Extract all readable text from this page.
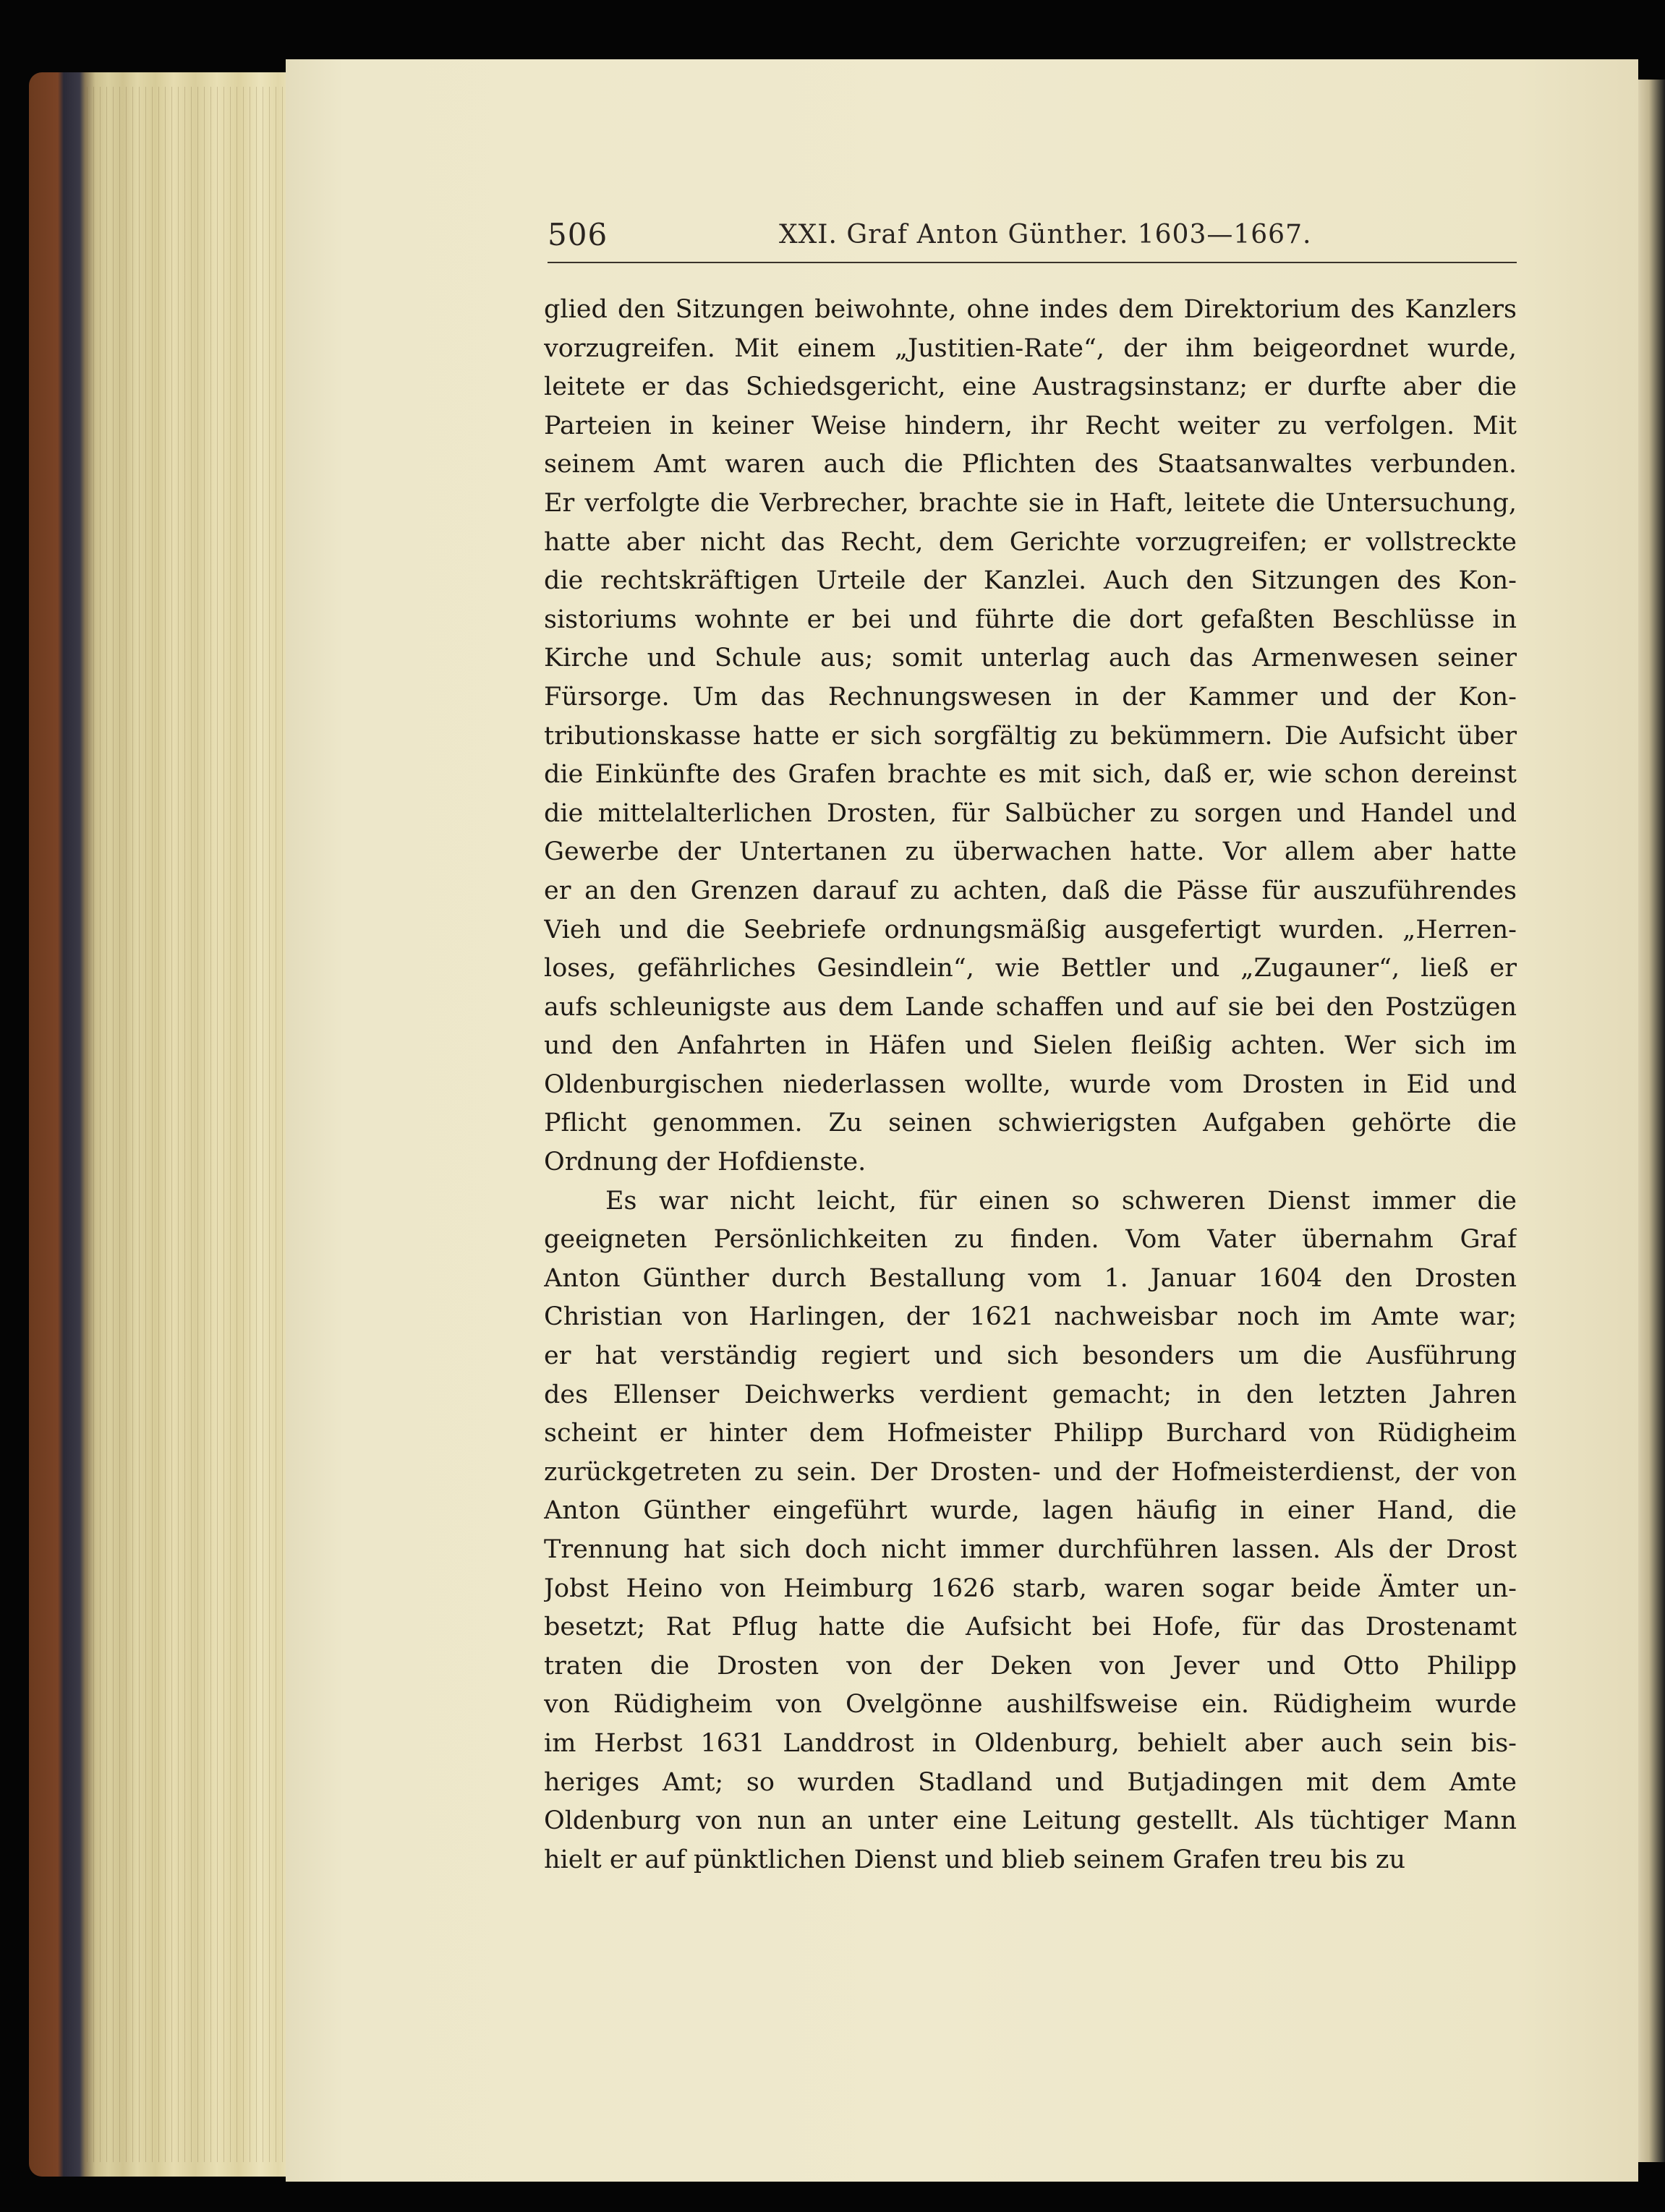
506	XXI. Graf Anton Günther. 1603—1667.
glied den Sitzungen beiwohnte, ohne indes dem Direktorium des Kanzlers
vorzugreifen. Mit einem „Justitien-Rate“, der ihm beigeordnet wurde,
leitete er das Schiedsgericht, eine Austragsinstanz; er durfte aber die
Parteien in keiner Weise hindern, ihr Recht weiter zu verfolgen. Mit
seinem Amt waren auch die Pflichten des Staatsanwaltes verbunden.
Er verfolgte die Verbrecher, brachte sie in Haft, leitete die Untersuchung,
hatte aber nicht das Recht, dem Gerichte vorzugreifen; er vollstreckte
die rechtskräftigen Urteile der Kanzlei. Auch den Sitzungen des Kon-
sistoriums wohnte er bei und führte die dort gefaßten Beschlüsse in
Kirche und Schule aus; somit unterlag auch das Armenwesen seiner
Fürsorge. Um das Rechnungswesen in der Kammer und der Kon-
tributionskasse hatte er sich sorgfältig zu bekümmern. Die Aufsicht über
die Einkünfte des Grafen brachte es mit sich, daß er, wie schon dereinst
die mittelalterlichen Drosten, für Salbücher zu sorgen und Handel und
Gewerbe der Untertanen zu überwachen hatte. Vor allem aber hatte
er an den Grenzen darauf zu achten, daß die Pässe für auszuführendes
Vieh und die Seebriefe ordnungsmäßig ausgefertigt wurden. „Herren-
loses, gefährliches Gesindlein“, wie Bettler und „Zugauner“, ließ er
aufs schleunigste aus dem Lande schaffen und auf sie bei den Postzügen
und den Anfahrten in Häfen und Sielen fleißig achten. Wer sich im
Oldenburgischen niederlassen wollte, wurde vom Drosten in Eid und
Pflicht genommen. Zu seinen schwierigsten Aufgaben gehörte die
Ordnung der Hofdienste.
Es war nicht leicht, für einen so schweren Dienst immer die
geeigneten Persönlichkeiten zu finden. Vom Vater übernahm Graf
Anton Günther durch Bestallung vom 1. Januar 1604 den Drosten
Christian von Harlingen, der 1621 nachweisbar noch im Amte war;
er hat verständig regiert und sich besonders um die Ausführung
des Ellenser Deichwerks verdient gemacht; in den letzten Jahren
scheint er hinter dem Hofmeister Philipp Burchard von Rüdigheim
zurückgetreten zu sein. Der Drosten- und der Hofmeisterdienst, der von
Anton Günther eingeführt wurde, lagen häufig in einer Hand, die
Trennung hat sich doch nicht immer durchführen lassen. Als der Drost
Jobst Heino von Heimburg 1626 starb, waren sogar beide Ämter un-
besetzt; Rat Pflug hatte die Aufsicht bei Hofe, für das Drostenamt
traten die Drosten von der Deken von Jever und Otto Philipp
von Rüdigheim von Ovelgönne aushilfsweise ein. Rüdigheim wurde
im Herbst 1631 Landdrost in Oldenburg, behielt aber auch sein bis-
heriges Amt; so wurden Stadland und Butjadingen mit dem Amte
Oldenburg von nun an unter eine Leitung gestellt. Als tüchtiger Mann
hielt er auf pünktlichen Dienst und blieb seinem Grafen treu bis zu
